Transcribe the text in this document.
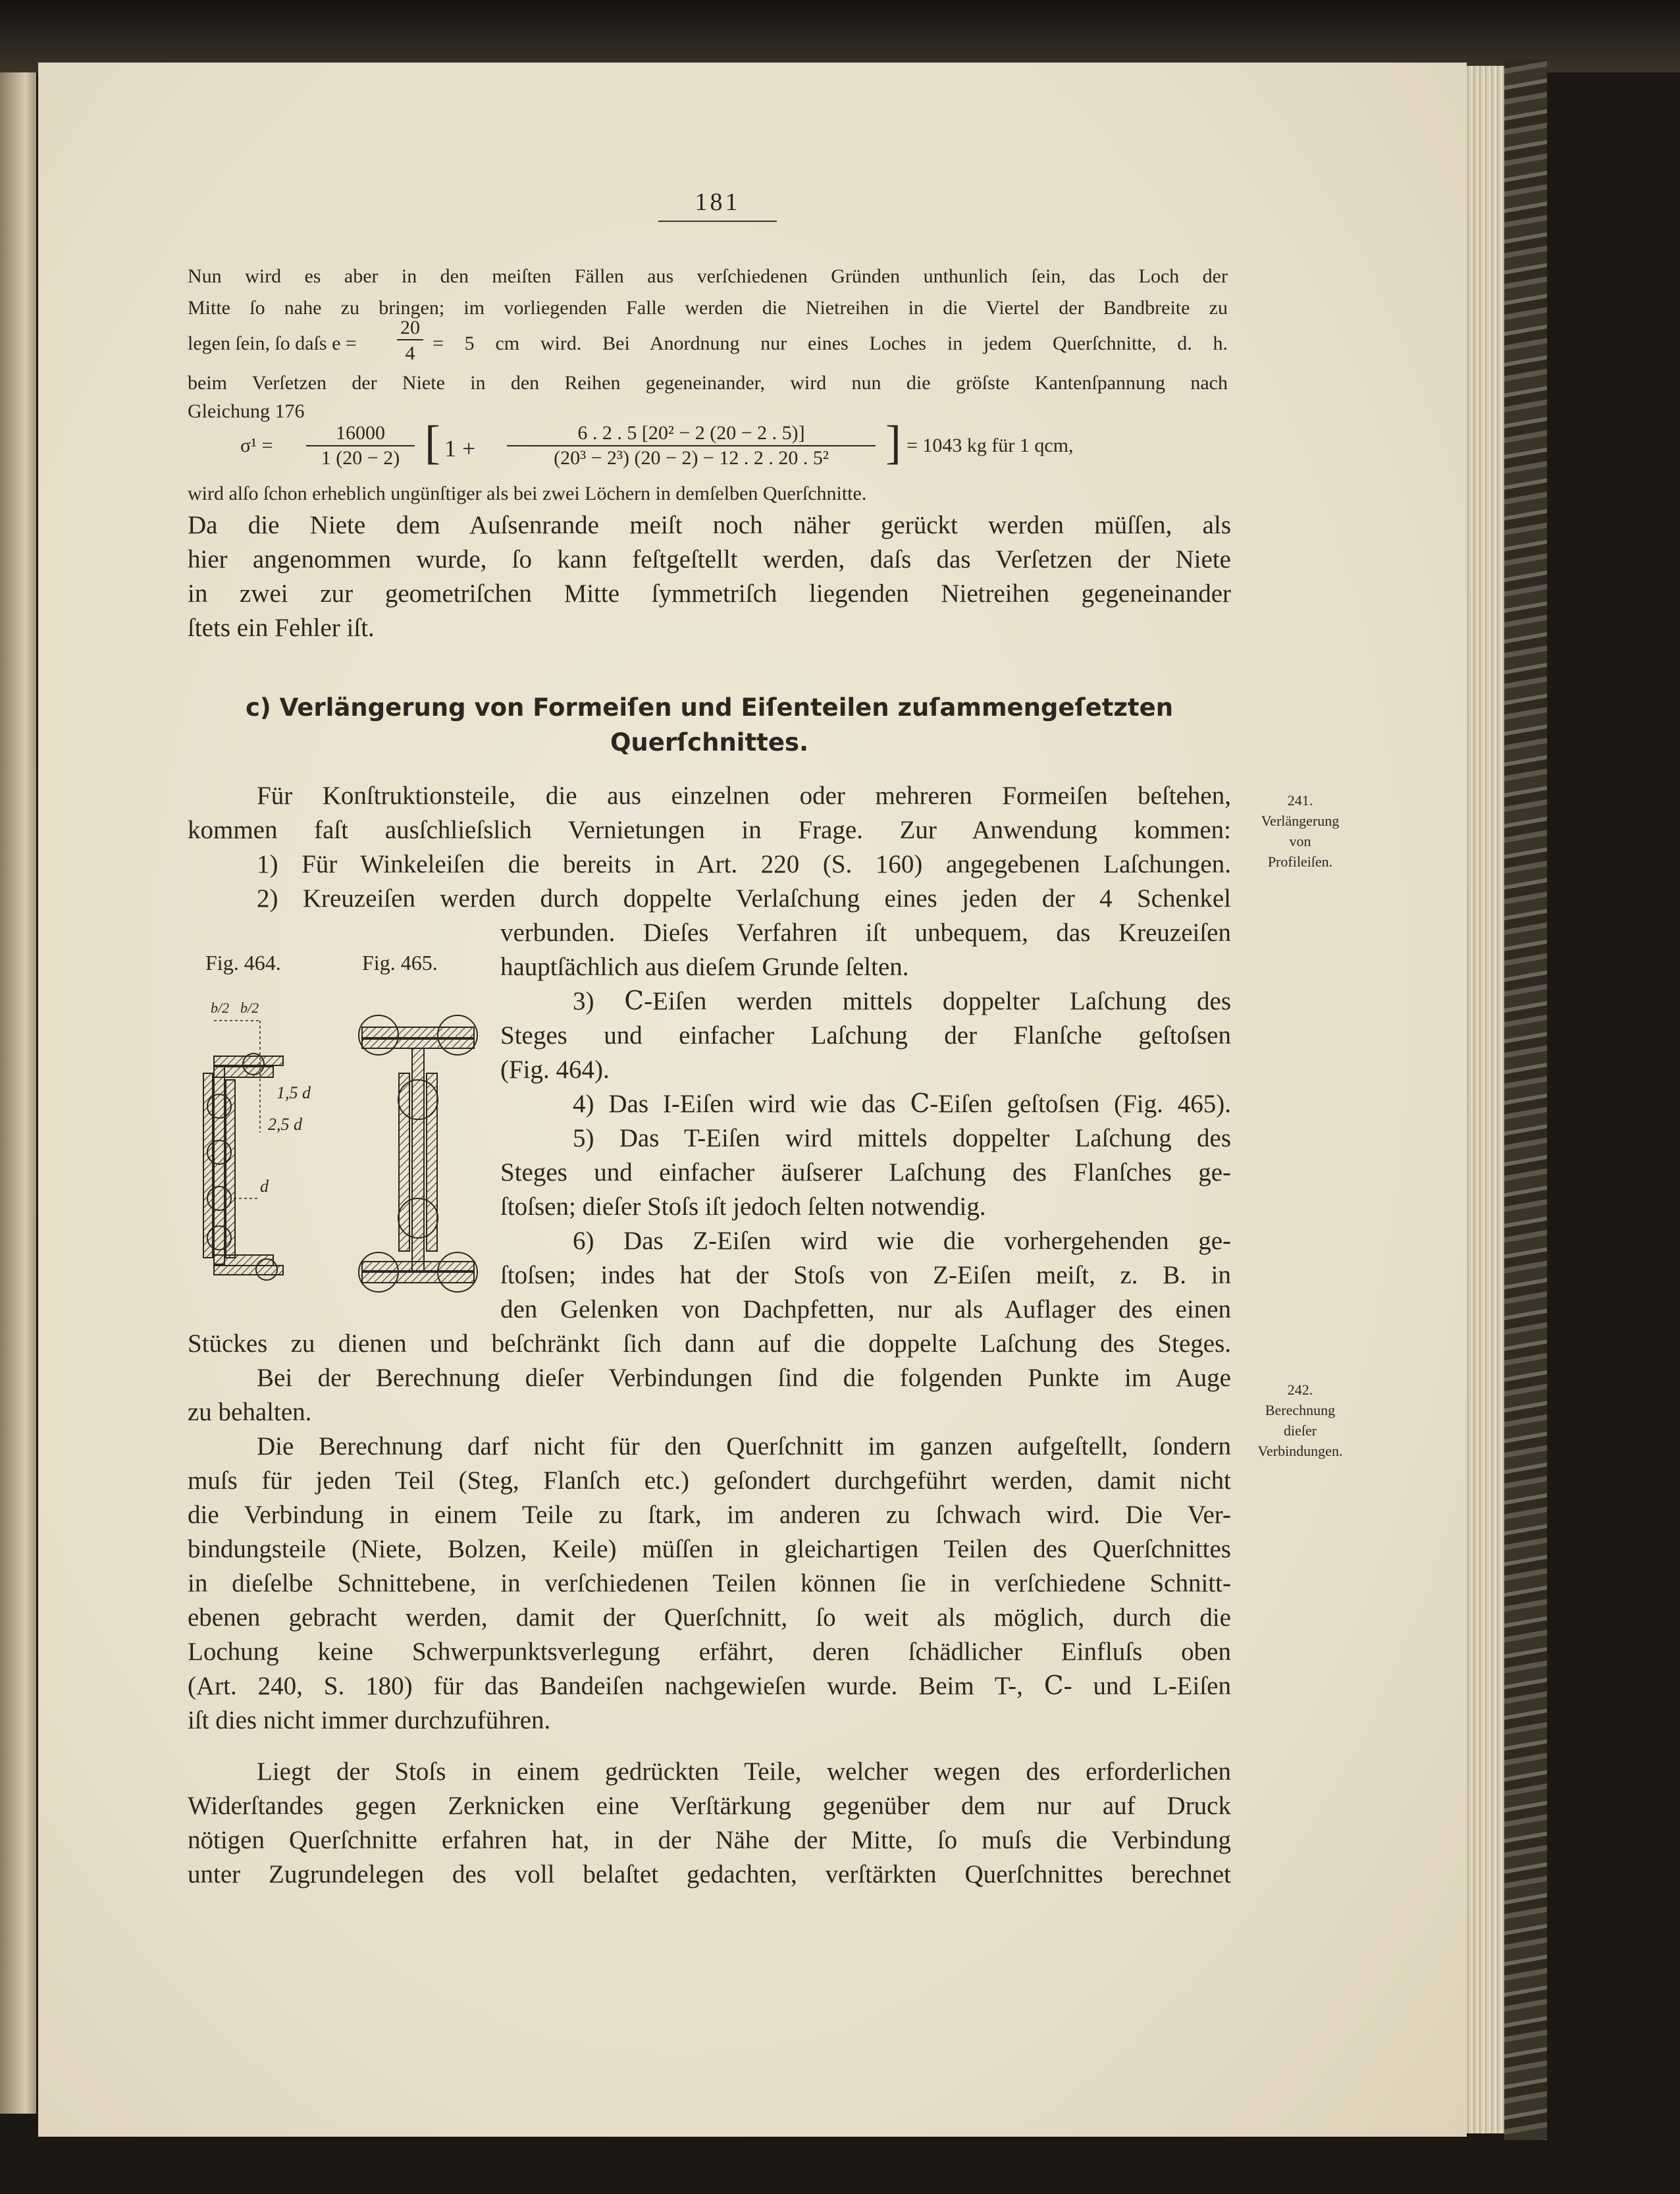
181
Nun wird es aber in den meiſten Fällen aus verſchiedenen Gründen unthunlich ſein, das Loch der
Mitte ſo nahe zu bringen; im vorliegenden Falle werden die Nietreihen in die Viertel der Bandbreite zu
legen ſein, ſo daſs e =
20
4 = 5 cm wird. Bei Anordnung nur eines Loches in jedem Querſchnitte, d. h.
beim Verſetzen der Niete in den Reihen gegeneinander, wird nun die gröſste Kantenſpannung nach
Gleichung 176
σ¹ =
16000
1 (20 − 2) [ 1 +
6 . 2 . 5 [20² − 2 (20 − 2 . 5)]
(20³ − 2³) (20 − 2) − 12 . 2 . 20 . 5²	] = 1043 kg für 1 qcm,
wird alſo ſchon erheblich ungünſtiger als bei zwei Löchern in demſelben Querſchnitte.
Da die Niete dem Auſsenrande meiſt noch näher gerückt werden müſſen, als
hier angenommen wurde, ſo kann feſtgeſtellt werden, daſs das Verſetzen der Niete
in zwei zur geometriſchen Mitte ſymmetriſch liegenden Nietreihen gegeneinander
ſtets ein Fehler iſt.
c) Verlängerung von Formeiſen und Eiſenteilen zuſammengeſetzten
Querſchnittes.
Für Konſtruktionsteile, die aus einzelnen oder mehreren Formeiſen beſtehen,
kommen faſt ausſchlieſslich Vernietungen in Frage. Zur Anwendung kommen:
1) Für Winkeleiſen die bereits in Art. 220 (S. 160) angegebenen Laſchungen.
2) Kreuzeiſen werden durch doppelte Verlaſchung eines jeden der 4 Schenkel
verbunden. Dieſes Verfahren iſt unbequem, das Kreuzeiſen
hauptſächlich aus dieſem Grunde ſelten.
3) Ⅽ-Eiſen werden mittels doppelter Laſchung des
Steges und einfacher Laſchung der Flanſche geſtoſsen
(Fig. 464).
4) Das I-Eiſen wird wie das Ⅽ-Eiſen geſtoſsen (Fig. 465).
5) Das T-Eiſen wird mittels doppelter Laſchung des
Steges und einfacher äuſserer Laſchung des Flanſches ge-
ſtoſsen; dieſer Stoſs iſt jedoch ſelten notwendig.
6) Das Z-Eiſen wird wie die vorhergehenden ge-
ſtoſsen; indes hat der Stoſs von Z-Eiſen meiſt, z. B. in
den Gelenken von Dachpfetten, nur als Auflager des einen
Stückes zu dienen und beſchränkt ſich dann auf die doppelte Laſchung des Steges.
Bei der Berechnung dieſer Verbindungen ſind die folgenden Punkte im Auge
zu behalten.
Die Berechnung darf nicht für den Querſchnitt im ganzen aufgeſtellt, ſondern
muſs für jeden Teil (Steg, Flanſch etc.) geſondert durchgeführt werden, damit nicht
die Verbindung in einem Teile zu ſtark, im anderen zu ſchwach wird. Die Ver-
bindungsteile (Niete, Bolzen, Keile) müſſen in gleichartigen Teilen des Querſchnittes
in dieſelbe Schnittebene, in verſchiedenen Teilen können ſie in verſchiedene Schnitt-
ebenen gebracht werden, damit der Querſchnitt, ſo weit als möglich, durch die
Lochung keine Schwerpunktsverlegung erfährt, deren ſchädlicher Einfluſs oben
(Art. 240, S. 180) für das Bandeiſen nachgewieſen wurde. Beim T-, Ⅽ- und L-Eiſen
iſt dies nicht immer durchzuführen.
Liegt der Stoſs in einem gedrückten Teile, welcher wegen des erforderlichen
Widerſtandes gegen Zerknicken eine Verſtärkung gegenüber dem nur auf Druck
nötigen Querſchnitte erfahren hat, in der Nähe der Mitte, ſo muſs die Verbindung
unter Zugrundelegen des voll belaſtet gedachten, verſtärkten Querſchnittes berechnet
241.
Verlängerung
von
Profileiſen.
242.
Berechnung
dieſer
Verbindungen.
Fig. 464.	Fig. 465.
b/2 b/2
1,5 d
2,5 d
d
